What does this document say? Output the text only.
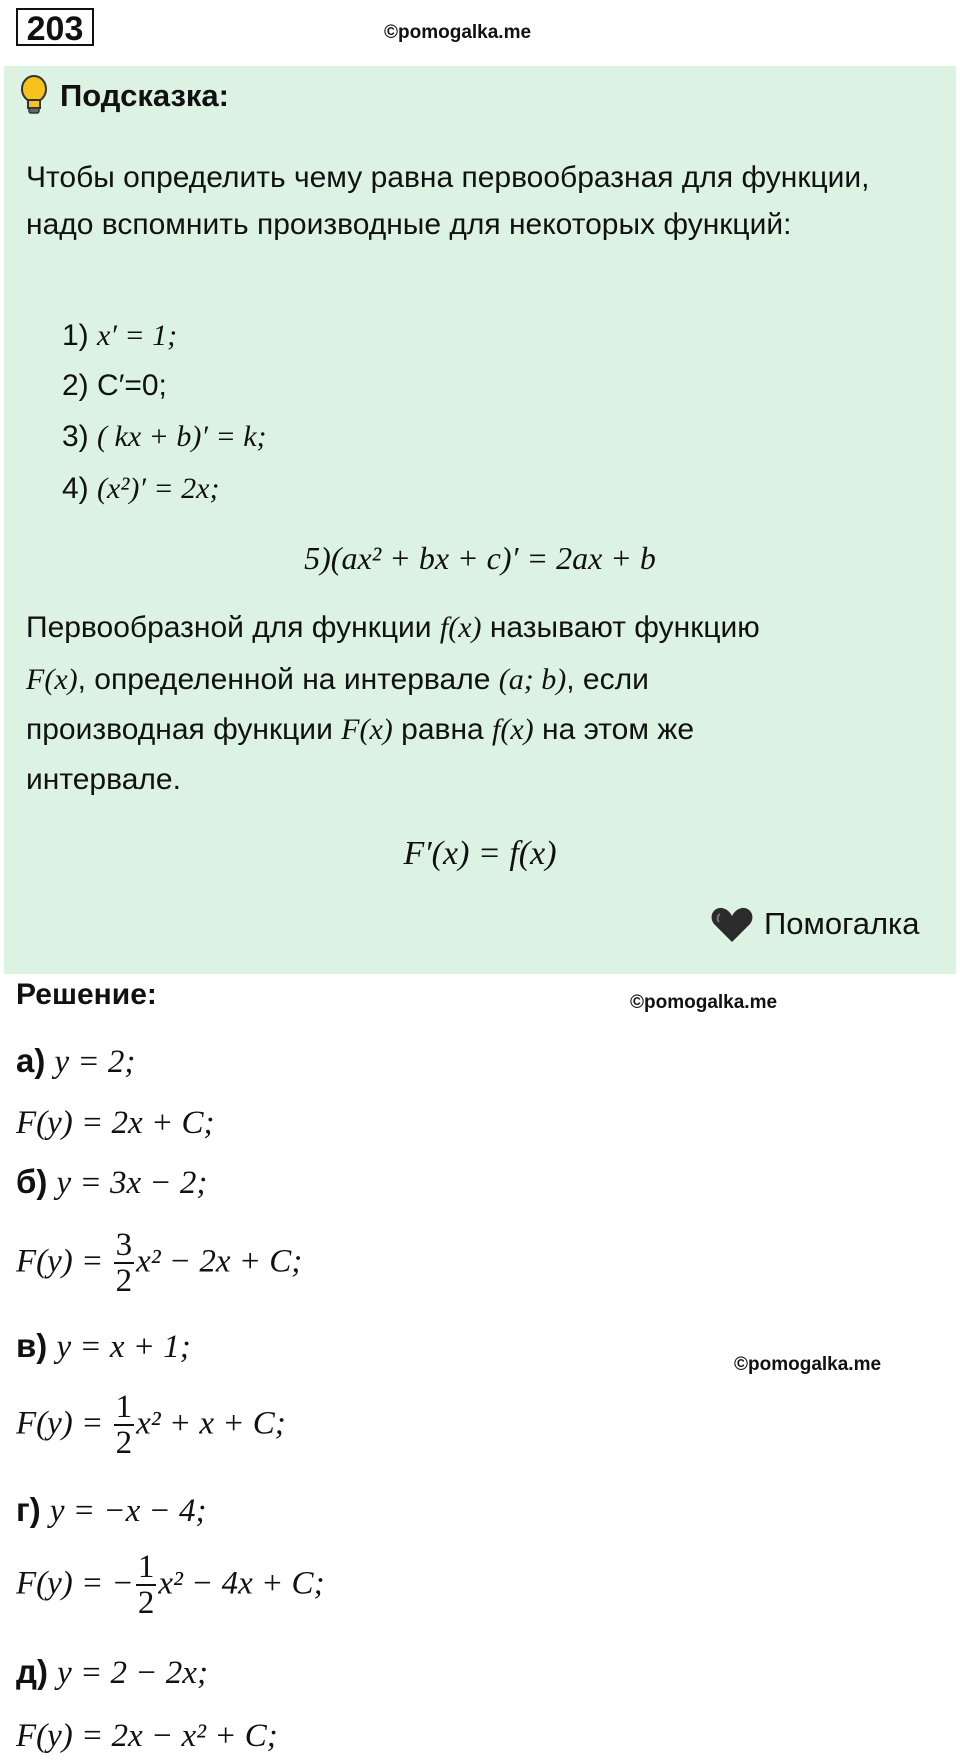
203	©pomogalka.me
Подсказка:
Чтобы определить чему равна первообразная для функции, надо вспомнить производные для некоторых функций:
1) x′ = 1;
2) C′=0;
3) ( kx + b)′ = k;
4) (x²)′ = 2x;
5)(ax² + bx + c)′ = 2ax + b
Первообразной для функции f(x) называют функцию
F(x), определенной на интервале (a; b), если
производная функции F(x) равна f(x) на этом же
интервале.
F′(x) = f(x)
Помогалка
Решение:	©pomogalka.me
а) y = 2;
F(y) = 2x + C;
б) y = 3x − 2;
$F(y) = \frac{3}{2} x^2 - 2x + C$;
в) y = x + 1;	©pomogalka.me
$F(y) = \frac{1}{2} x^2 + x + C$;
г) y = −x − 4;
F(y) = − $\frac{1}{2} x^2 - 4x + C$;
д) y = 2 − 2x;
F(y) = 2x − x² + C;
